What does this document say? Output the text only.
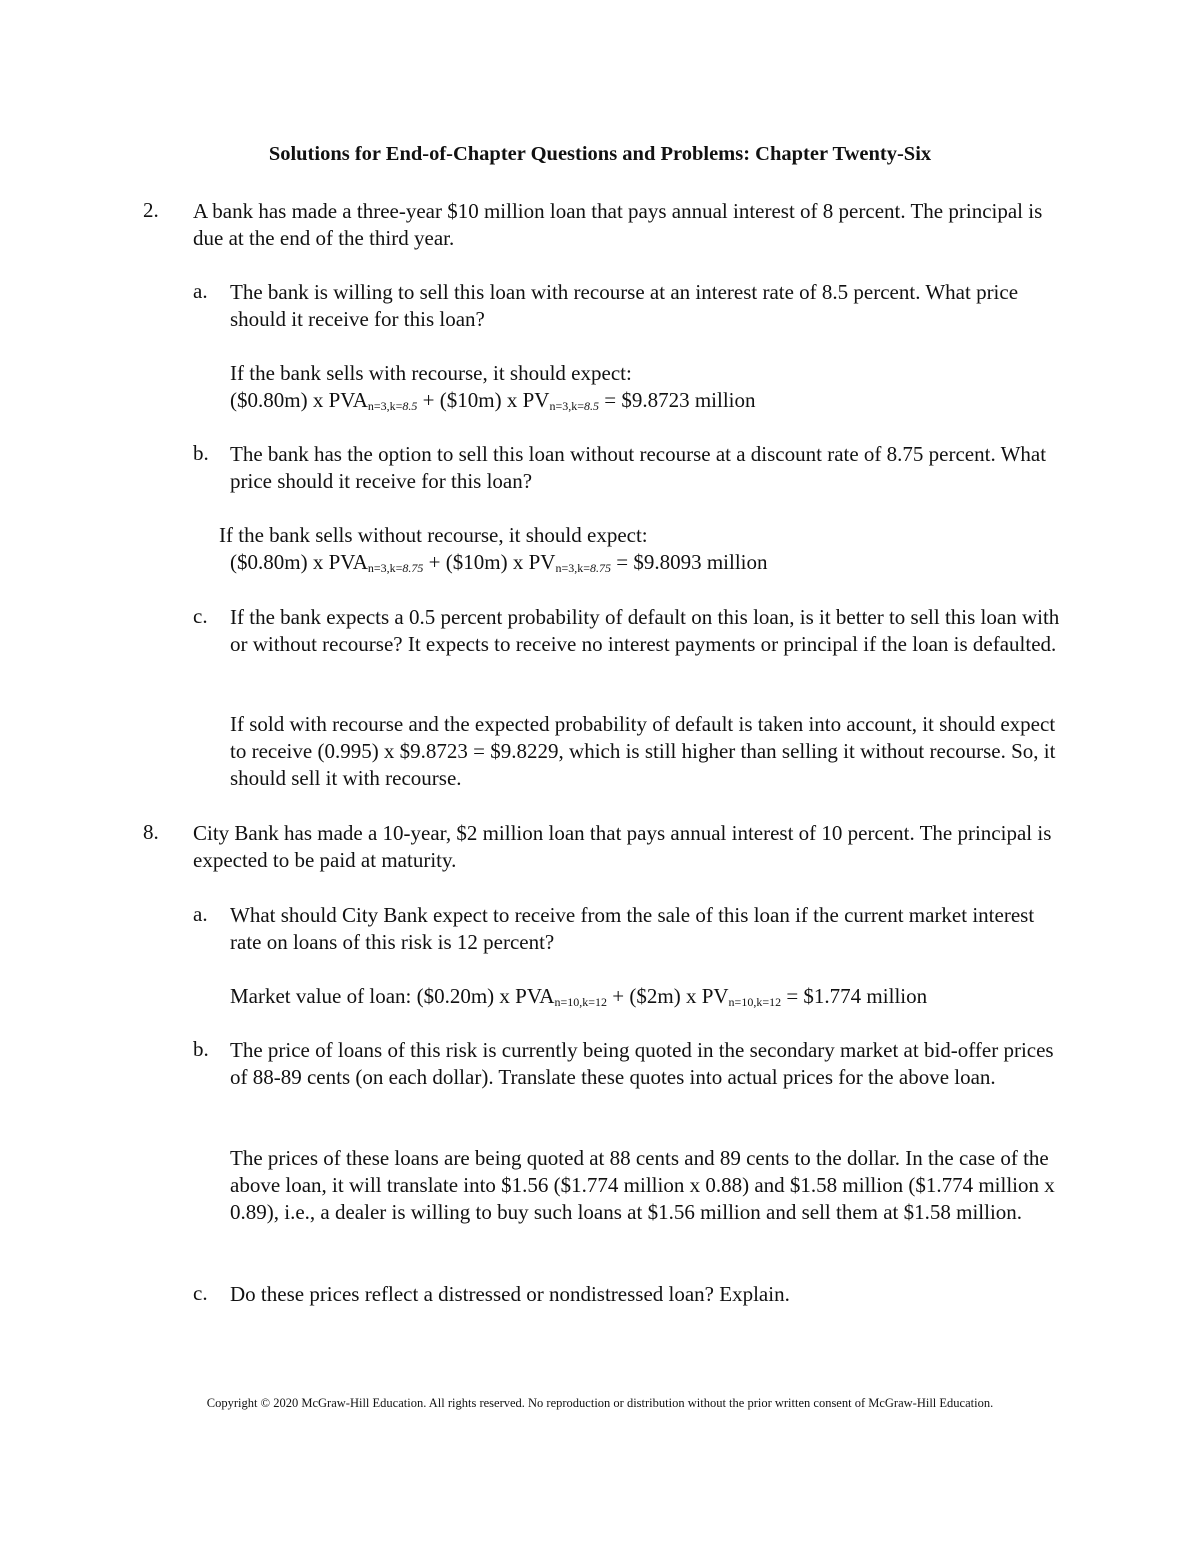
Solutions for End-of-Chapter Questions and Problems: Chapter Twenty-Six
2. A bank has made a three-year $10 million loan that pays annual interest of 8 percent. The principal is due at the end of the third year.
a. The bank is willing to sell this loan with recourse at an interest rate of 8.5 percent. What price should it receive for this loan?
If the bank sells with recourse, it should expect:
($0.80m) x $PVA_{n=3,k=8.5}$ + ($10m) x $PV_{n=3,k=8.5}$ = $9.8723 million
b. The bank has the option to sell this loan without recourse at a discount rate of 8.75 percent. What price should it receive for this loan?
If the bank sells without recourse, it should expect:
($0.80m) x $PVA_{n=3,k=8.75}$ + ($10m) x $PV_{n=3,k=8.75}$ = $9.8093 million
c. If the bank expects a 0.5 percent probability of default on this loan, is it better to sell this loan with or without recourse? It expects to receive no interest payments or principal if the loan is defaulted.
If sold with recourse and the expected probability of default is taken into account, it should expect to receive (0.995) x $9.8723 = $9.8229, which is still higher than selling it without recourse. So, it should sell it with recourse.
8. City Bank has made a 10-year, $2 million loan that pays annual interest of 10 percent. The principal is expected to be paid at maturity.
a. What should City Bank expect to receive from the sale of this loan if the current market interest rate on loans of this risk is 12 percent?
Market value of loan: ($0.20m) x $PVA_{n=10,k=12}$ + ($2m) x $PV_{n=10,k=12}$ = $1.774 million
b. The price of loans of this risk is currently being quoted in the secondary market at bid-offer prices of 88-89 cents (on each dollar). Translate these quotes into actual prices for the above loan.
The prices of these loans are being quoted at 88 cents and 89 cents to the dollar. In the case of the above loan, it will translate into $1.56 ($1.774 million x 0.88) and $1.58 million ($1.774 million x 0.89), i.e., a dealer is willing to buy such loans at $1.56 million and sell them at $1.58 million.
c. Do these prices reflect a distressed or nondistressed loan? Explain.
Copyright © 2020 McGraw-Hill Education. All rights reserved. No reproduction or distribution without the prior written consent of McGraw-Hill Education.
